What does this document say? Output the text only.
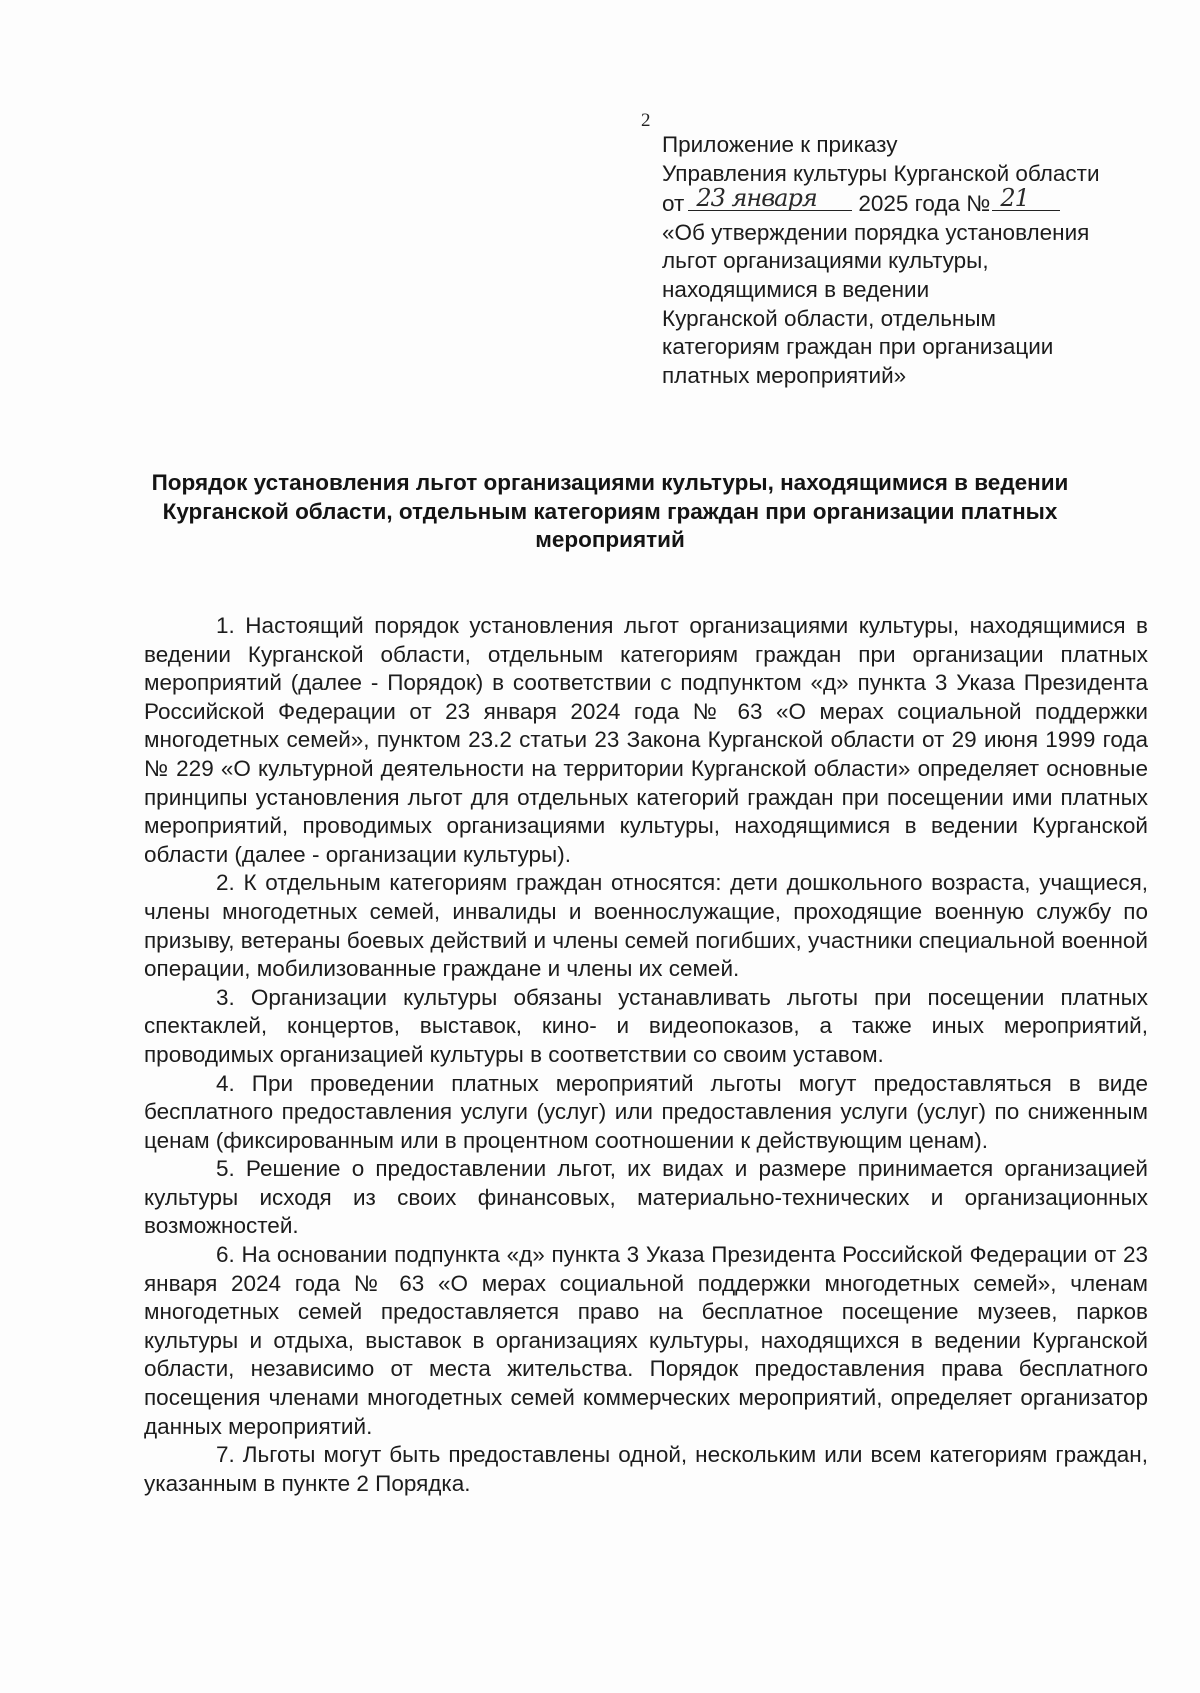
2
Приложение к приказу
Управления культуры Курганской области
от 23 января 2025 года № 21
«Об утверждении порядка установления
льгот организациями культуры,
находящимися в ведении
Курганской области, отдельным
категориям граждан при организации
платных мероприятий»
Порядок установления льгот организациями культуры, находящимися в ведении
Курганской области, отдельным категориям граждан при организации платных
мероприятий

1. Настоящий порядок установления льгот организациями культуры, находящимися в ведении Курганской области, отдельным категориям граждан при организации платных мероприятий (далее - Порядок) в соответствии с подпунктом «д» пункта 3 Указа Президента Российской Федерации от 23 января 2024 года № 63 «О мерах социальной поддержки многодетных семей», пунктом 23.2 статьи 23 Закона Курганской области от 29 июня 1999 года № 229 «О культурной деятельности на территории Курганской области» определяет основные принципы установления льгот для отдельных категорий граждан при посещении ими платных мероприятий, проводимых организациями культуры, находящимися в ведении Курганской области (далее - организации культуры).

2. К отдельным категориям граждан относятся: дети дошкольного возраста, учащиеся, члены многодетных семей, инвалиды и военнослужащие, проходящие военную службу по призыву, ветераны боевых действий и члены семей погибших, участники специальной военной операции, мобилизованные граждане и члены их семей.

3. Организации культуры обязаны устанавливать льготы при посещении платных спектаклей, концертов, выставок, кино- и видеопоказов, а также иных мероприятий, проводимых организацией культуры в соответствии со своим уставом.

4. При проведении платных мероприятий льготы могут предоставляться в виде бесплатного предоставления услуги (услуг) или предоставления услуги (услуг) по сниженным ценам (фиксированным или в процентном соотношении к действующим ценам).

5. Решение о предоставлении льгот, их видах и размере принимается организацией культуры исходя из своих финансовых, материально-технических и организационных возможностей.

6. На основании подпункта «д» пункта 3 Указа Президента Российской Федерации от 23 января 2024 года № 63 «О мерах социальной поддержки многодетных семей», членам многодетных семей предоставляется право на бесплатное посещение музеев, парков культуры и отдыха, выставок в организациях культуры, находящихся в ведении Курганской области, независимо от места жительства. Порядок предоставления права бесплатного посещения членами многодетных семей коммерческих мероприятий, определяет организатор данных мероприятий.

7. Льготы могут быть предоставлены одной, нескольким или всем категориям граждан, указанным в пункте 2 Порядка.
